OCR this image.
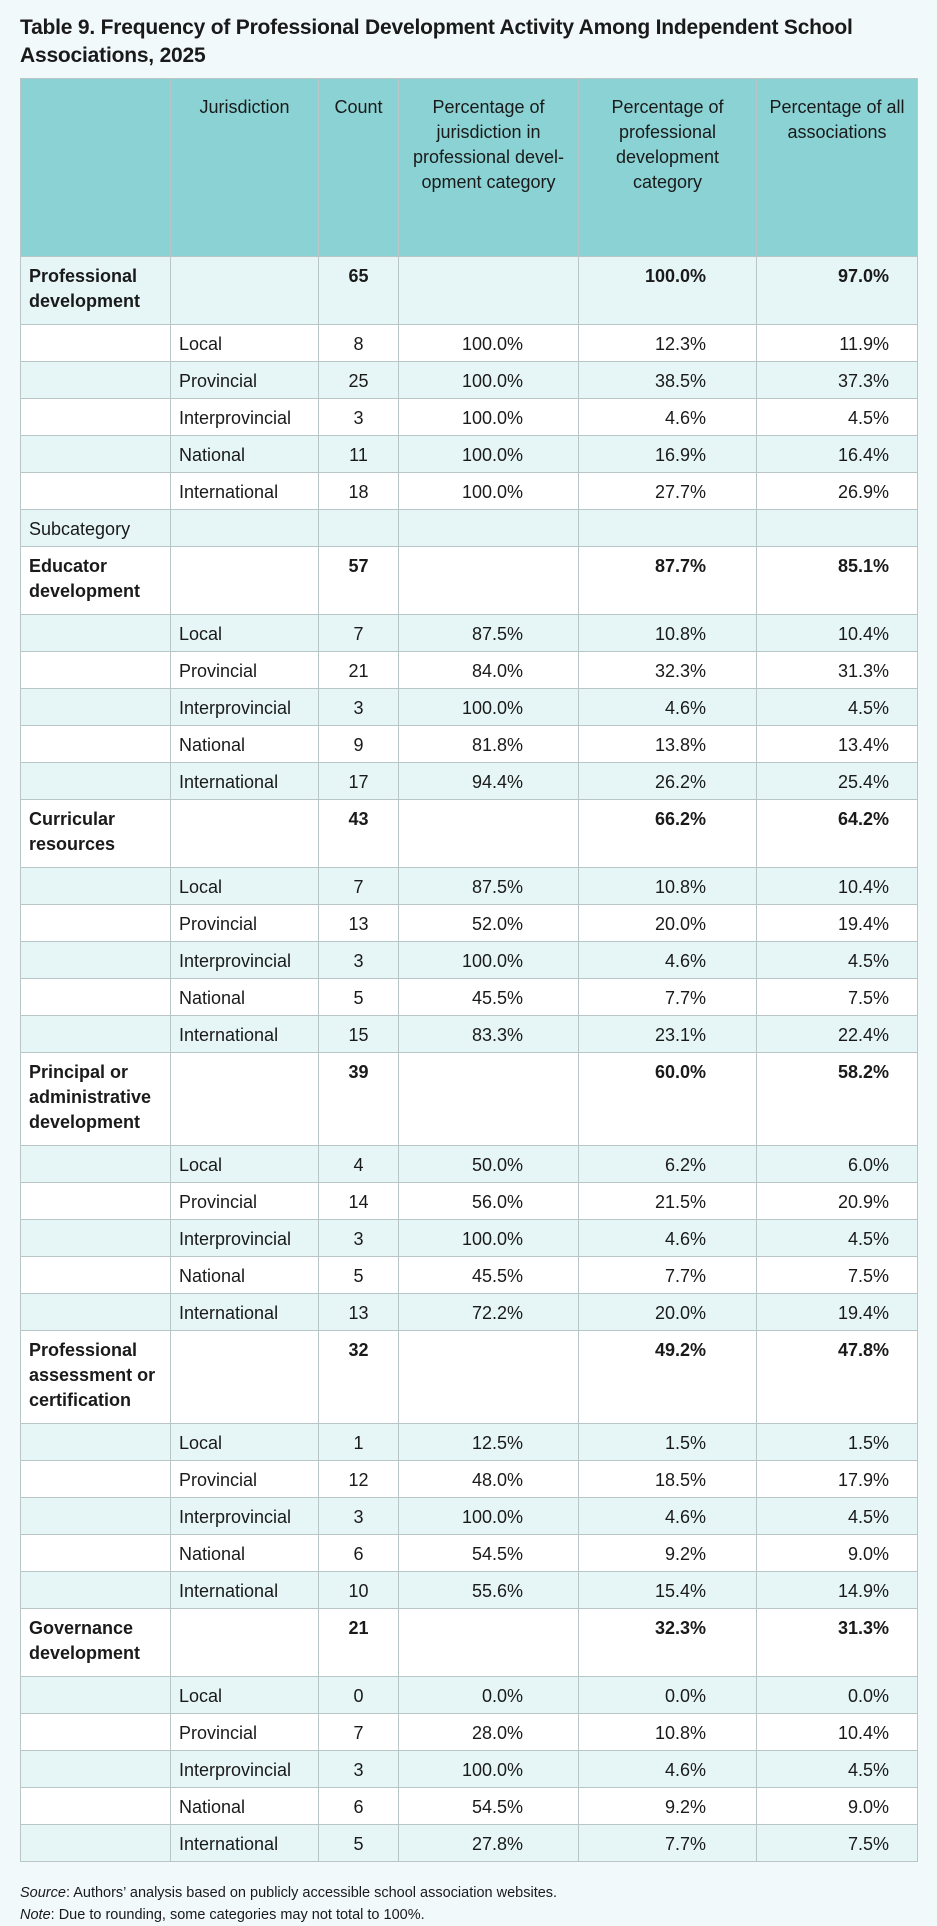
Table 9. Frequency of Professional Development Activity Among Independent School Associations, 2025
	Jurisdiction	Count	Percentage of jurisdiction in professional devel-opment category	Percentage of professional development category	Percentage of all associations
Professional development		65		100.0%	97.0%
	Local	8	100.0%	12.3%	11.9%
	Provincial	25	100.0%	38.5%	37.3%
	Interprovincial	3	100.0%	4.6%	4.5%
	National	11	100.0%	16.9%	16.4%
	International	18	100.0%	27.7%	26.9%
Subcategory					
Educator development		57		87.7%	85.1%
	Local	7	87.5%	10.8%	10.4%
	Provincial	21	84.0%	32.3%	31.3%
	Interprovincial	3	100.0%	4.6%	4.5%
	National	9	81.8%	13.8%	13.4%
	International	17	94.4%	26.2%	25.4%
Curricular resources		43		66.2%	64.2%
	Local	7	87.5%	10.8%	10.4%
	Provincial	13	52.0%	20.0%	19.4%
	Interprovincial	3	100.0%	4.6%	4.5%
	National	5	45.5%	7.7%	7.5%
	International	15	83.3%	23.1%	22.4%
Principal or administrative development		39		60.0%	58.2%
	Local	4	50.0%	6.2%	6.0%
	Provincial	14	56.0%	21.5%	20.9%
	Interprovincial	3	100.0%	4.6%	4.5%
	National	5	45.5%	7.7%	7.5%
	International	13	72.2%	20.0%	19.4%
Professional assessment or certification		32		49.2%	47.8%
	Local	1	12.5%	1.5%	1.5%
	Provincial	12	48.0%	18.5%	17.9%
	Interprovincial	3	100.0%	4.6%	4.5%
	National	6	54.5%	9.2%	9.0%
	International	10	55.6%	15.4%	14.9%
Governance development		21		32.3%	31.3%
	Local	0	0.0%	0.0%	0.0%
	Provincial	7	28.0%	10.8%	10.4%
	Interprovincial	3	100.0%	4.6%	4.5%
	National	6	54.5%	9.2%	9.0%
	International	5	27.8%	7.7%	7.5%
Source: Authors’ analysis based on publicly accessible school association websites.
Note: Due to rounding, some categories may not total to 100%.
